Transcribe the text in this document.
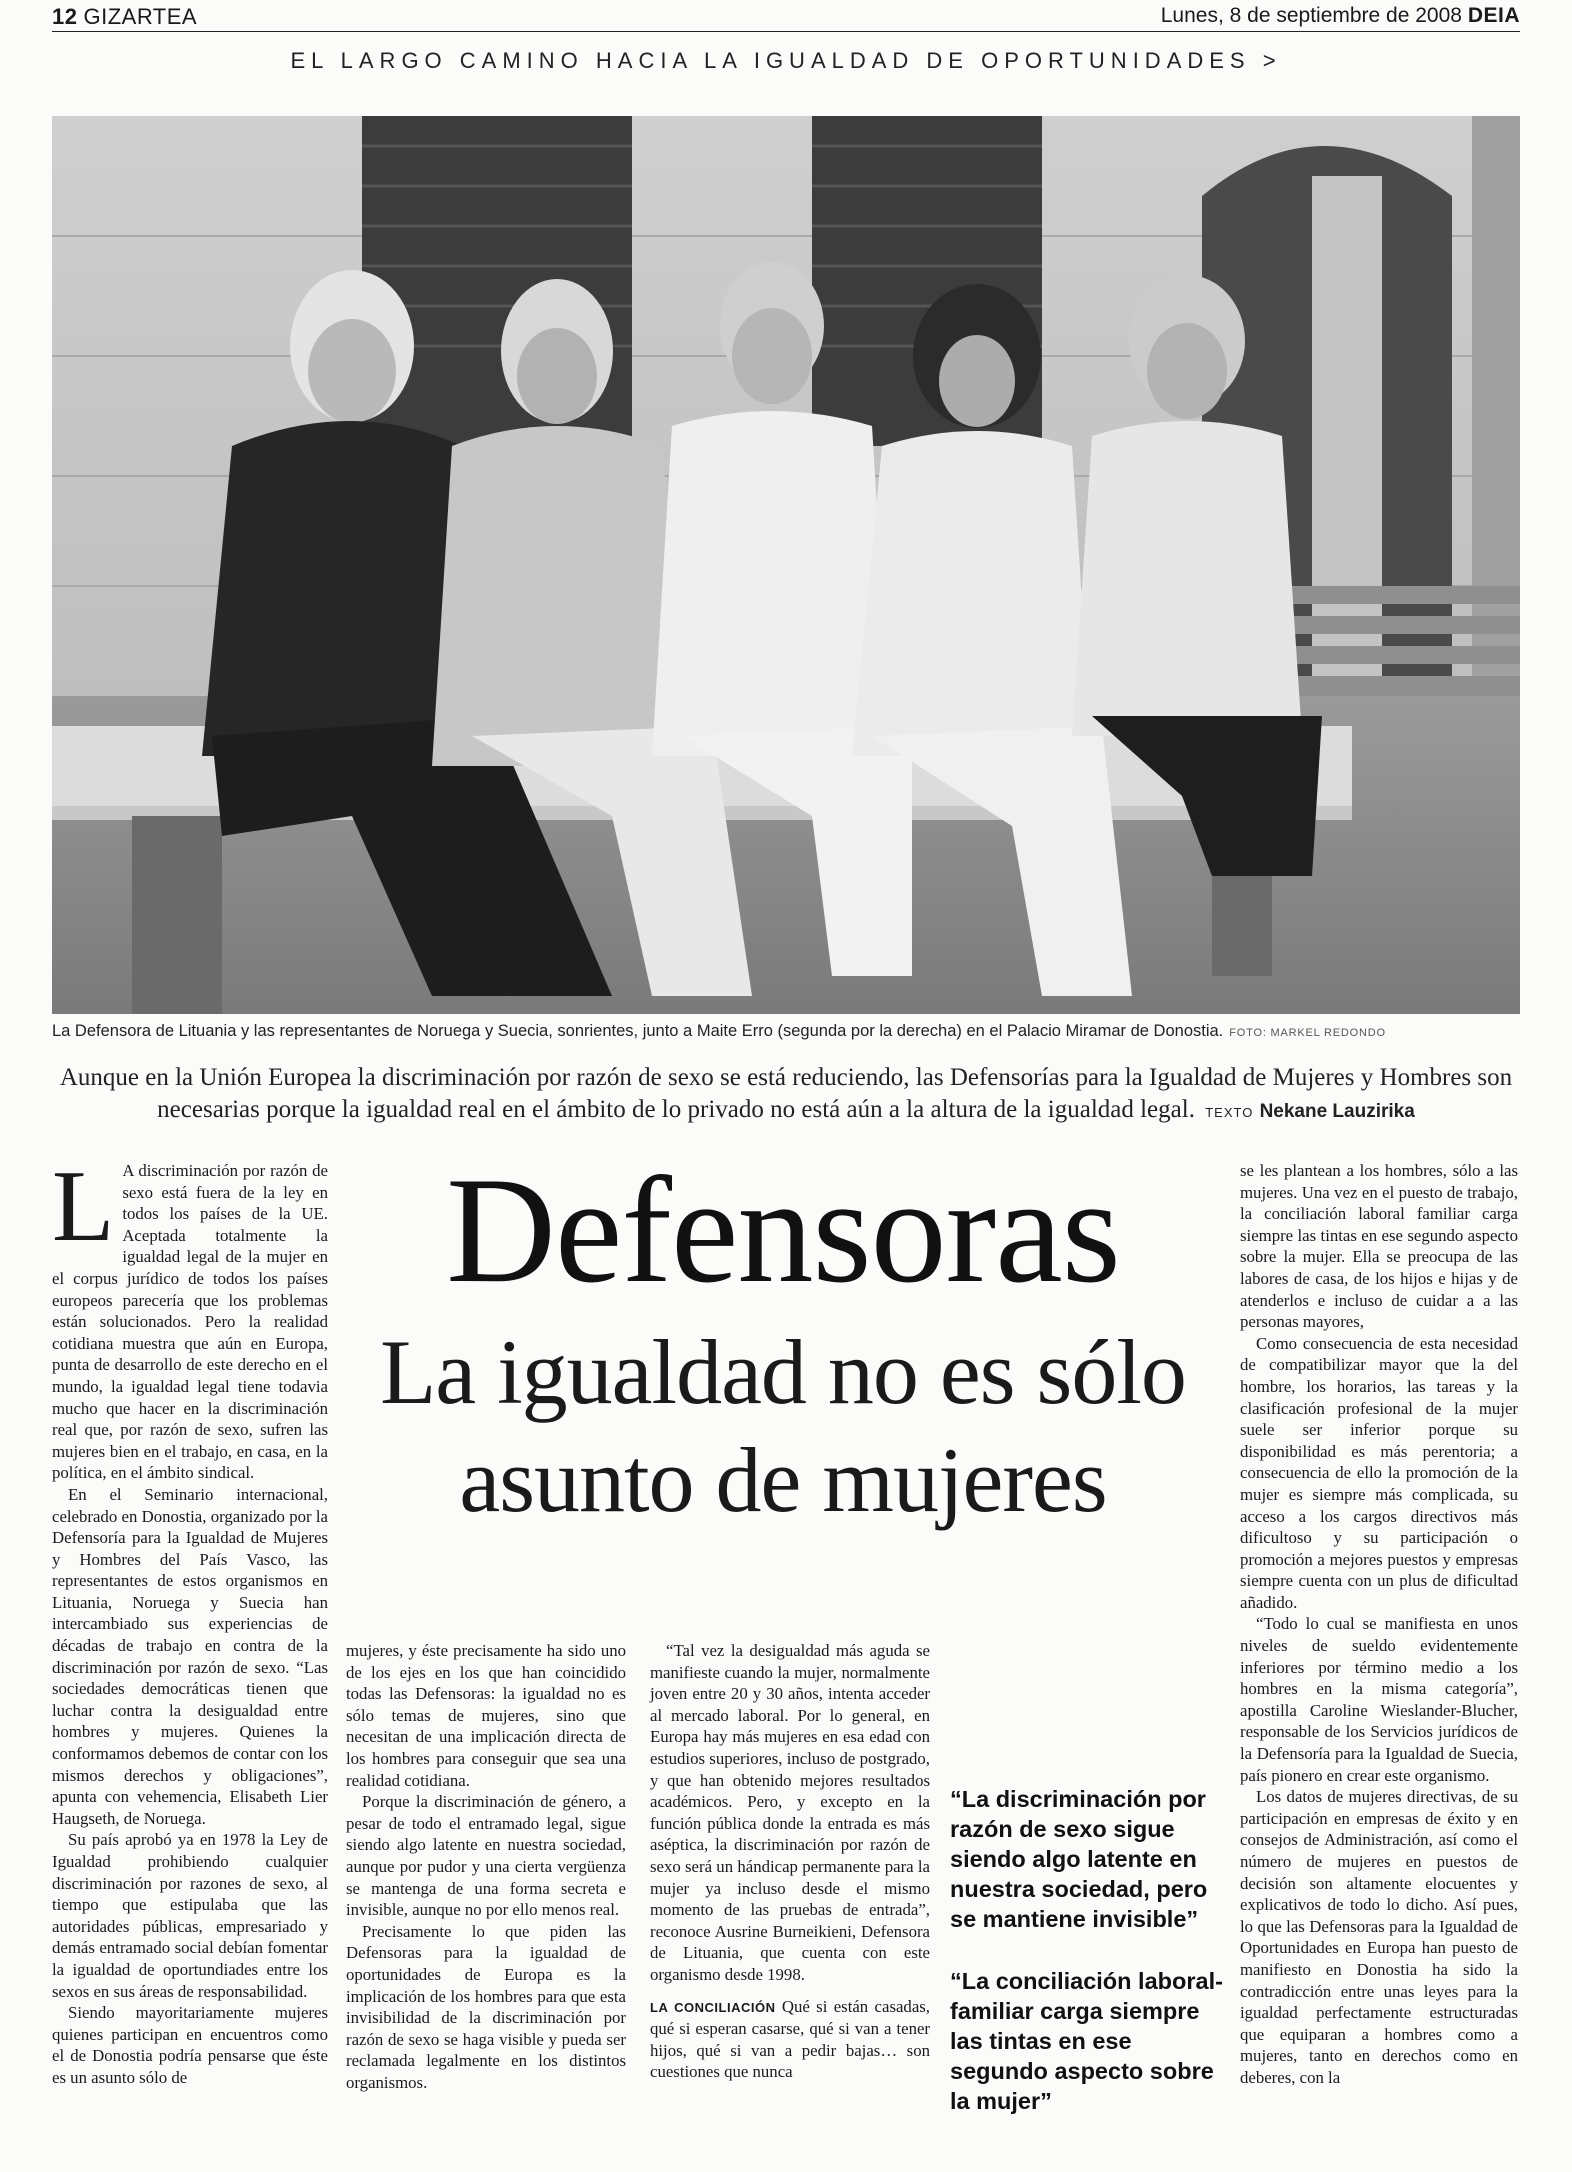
12 GIZARTEA	Lunes, 8 de septiembre de 2008 DEIA
EL LARGO CAMINO HACIA LA IGUALDAD DE OPORTUNIDADES >
La Defensora de Lituania y las representantes de Noruega y Suecia, sonrientes, junto a Maite Erro (segunda por la derecha) en el Palacio Miramar de Donostia. FOTO: MARKEL REDONDO
Aunque en la Unión Europea la discriminación por razón de sexo se está reduciendo, las Defensorías para la Igualdad de Mujeres y Hombres son necesarias porque la igualdad real en el ámbito de lo privado no está aún a la altura de la igualdad legal. TEXTO Nekane Lauzirika
Defensoras
La igualdad no es sólo asunto de mujeres

LA discriminación por razón de sexo está fuera de la ley en todos los países de la UE. Aceptada totalmente la igualdad legal de la mujer en el corpus jurídico de todos los países europeos parecería que los problemas están solucionados. Pero la realidad cotidiana muestra que aún en Europa, punta de desarrollo de este derecho en el mundo, la igualdad legal tiene todavia mucho que hacer en la discriminación real que, por razón de sexo, sufren las mujeres bien en el trabajo, en casa, en la política, en el ámbito sindical.

En el Seminario internacional, celebrado en Donostia, organizado por la Defensoría para la Igualdad de Mujeres y Hombres del País Vasco, las representantes de estos organismos en Lituania, Noruega y Suecia han intercambiado sus experiencias de décadas de trabajo en contra de la discriminación por razón de sexo. “Las sociedades democráticas tienen que luchar contra la desigualdad entre hombres y mujeres. Quienes la conformamos debemos de contar con los mismos derechos y obligaciones”, apunta con vehemencia, Elisabeth Lier Haugseth, de Noruega.

Su país aprobó ya en 1978 la Ley de Igualdad prohibiendo cualquier discriminación por razones de sexo, al tiempo que estipulaba que las autoridades públicas, empresariado y demás entramado social debían fomentar la igualdad de oportundiades entre los sexos en sus áreas de responsabilidad.

Siendo mayoritariamente mujeres quienes participan en encuentros como el de Donostia podría pensarse que éste es un asunto sólo de

mujeres, y éste precisamente ha sido uno de los ejes en los que han coincidido todas las Defensoras: la igualdad no es sólo temas de mujeres, sino que necesitan de una implicación directa de los hombres para conseguir que sea una realidad cotidiana.

Porque la discriminación de género, a pesar de todo el entramado legal, sigue siendo algo latente en nuestra sociedad, aunque por pudor y una cierta vergüenza se mantenga de una forma secreta e invisible, aunque no por ello menos real.

Precisamente lo que piden las Defensoras para la igualdad de oportunidades de Europa es la implicación de los hombres para que esta invisibilidad de la discriminación por razón de sexo se haga visible y pueda ser reclamada legalmente en los distintos organismos.

“Tal vez la desigualdad más aguda se manifieste cuando la mujer, normalmente joven entre 20 y 30 años, intenta acceder al mercado laboral. Por lo general, en Europa hay más mujeres en esa edad con estudios superiores, incluso de postgrado, y que han obtenido mejores resultados académicos. Pero, y excepto en la función pública donde la entrada es más aséptica, la discriminación por razón de sexo será un hándicap permanente para la mujer ya incluso desde el mismo momento de las pruebas de entrada”, reconoce Ausrine Burneikieni, Defensora de Lituania, que cuenta con este organismo desde 1998.

LA CONCILIACIÓN Qué si están casadas, qué si esperan casarse, qué si van a tener hijos, qué si van a pedir bajas… son cuestiones que nunca

“La discriminación por razón de sexo sigue siendo algo latente en nuestra sociedad, pero se mantiene invisible”
“La conciliación laboral-familiar carga siempre las tintas en ese segundo aspecto sobre la mujer”

se les plantean a los hombres, sólo a las mujeres. Una vez en el puesto de trabajo, la conciliación laboral familiar carga siempre las tintas en ese segundo aspecto sobre la mujer. Ella se preocupa de las labores de casa, de los hijos e hijas y de atenderlos e incluso de cuidar a a las personas mayores,

Como consecuencia de esta necesidad de compatibilizar mayor que la del hombre, los horarios, las tareas y la clasificación profesional de la mujer suele ser inferior porque su disponibilidad es más perentoria; a consecuencia de ello la promoción de la mujer es siempre más complicada, su acceso a los cargos directivos más dificultoso y su participación o promoción a mejores puestos y empresas siempre cuenta con un plus de dificultad añadido.

“Todo lo cual se manifiesta en unos niveles de sueldo evidentemente inferiores por término medio a los hombres en la misma categoría”, apostilla Caroline Wieslander-Blucher, responsable de los Servicios jurídicos de la Defensoría para la Igualdad de Suecia, país pionero en crear este organismo.

Los datos de mujeres directivas, de su participación en empresas de éxito y en consejos de Administración, así como el número de mujeres en puestos de decisión son altamente elocuentes y explicativos de todo lo dicho. Así pues, lo que las Defensoras para la Igualdad de Oportunidades en Europa han puesto de manifiesto en Donostia ha sido la contradicción entre unas leyes para la igualdad perfectamente estructuradas que equiparan a hombres como a mujeres, tanto en derechos como en deberes, con la
